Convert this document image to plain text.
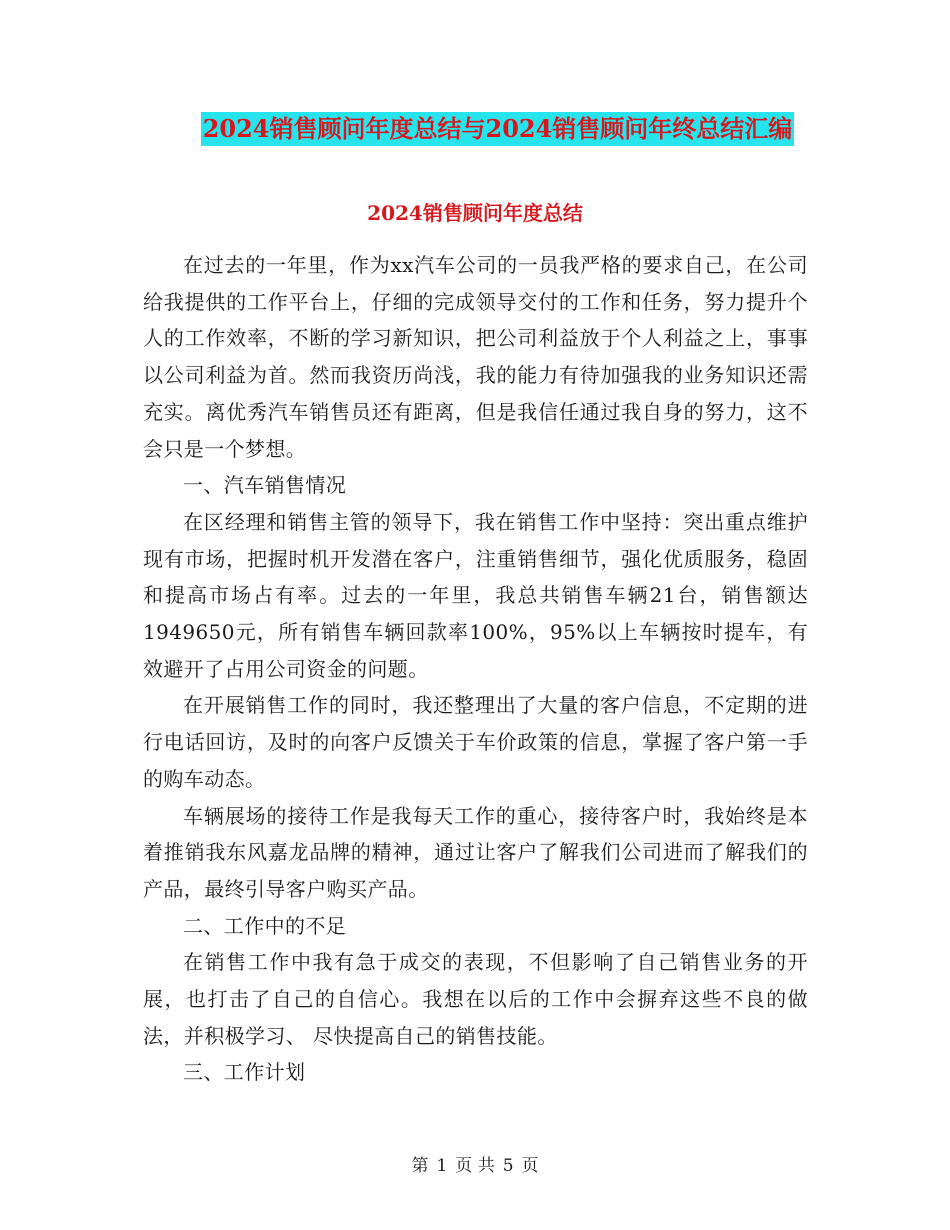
2024销售顾问年度总结与2024销售顾问年终总结汇编
2024销售顾问年度总结

在过去的一年里，作为xx汽车公司的一员我严格的要求自己，在公司给我提供的工作平台上，仔细的完成领导交付的工作和任务，努力提升个人的工作效率，不断的学习新知识，把公司利益放于个人利益之上，事事以公司利益为首。然而我资历尚浅，我的能力有待加强我的业务知识还需充实。离优秀汽车销售员还有距离，但是我信任通过我自身的努力，这不会只是一个梦想。

一、汽车销售情况

在区经理和销售主管的领导下，我在销售工作中坚持：突出重点维护现有市场，把握时机开发潜在客户，注重销售细节，强化优质服务，稳固和提高市场占有率。过去的一年里，我总共销售车辆21台，销售额达1949650元，所有销售车辆回款率100%，95%以上车辆按时提车，有效避开了占用公司资金的问题。

在开展销售工作的同时，我还整理出了大量的客户信息，不定期的进行电话回访，及时的向客户反馈关于车价政策的信息，掌握了客户第一手的购车动态。

车辆展场的接待工作是我每天工作的重心，接待客户时，我始终是本着推销我东风嘉龙品牌的精神，通过让客户了解我们公司进而了解我们的产品，最终引导客户购买产品。

二、工作中的不足

在销售工作中我有急于成交的表现，不但影响了自己销售业务的开展，也打击了自己的自信心。我想在以后的工作中会摒弃这些不良的做法，并积极学习、 尽快提高自己的销售技能。

三、工作计划

第 1 页 共 5 页
